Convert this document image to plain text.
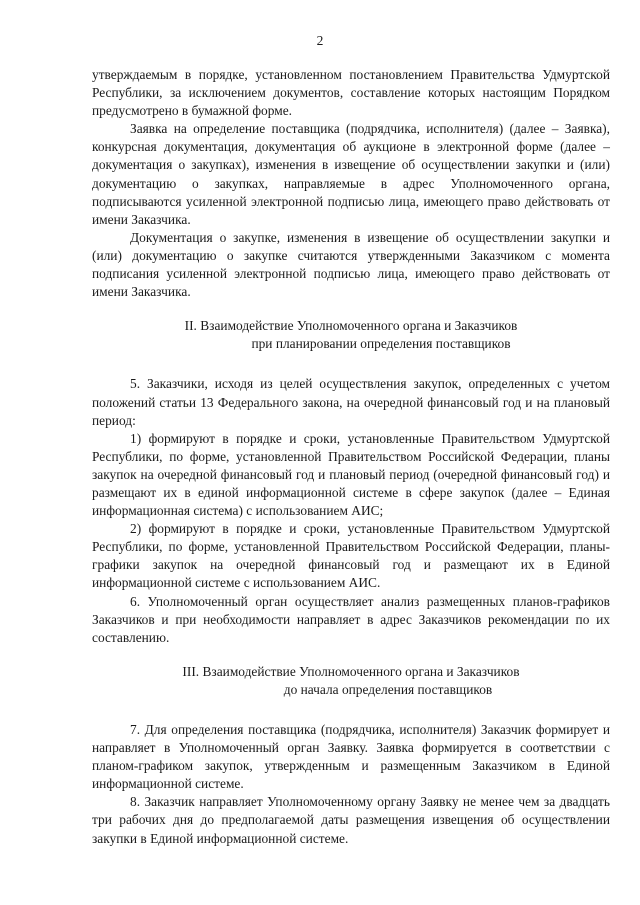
2

утверждаемым в порядке, установленном постановлением Правительства Удмуртской Республики, за исключением документов, составление которых настоящим Порядком предусмотрено в бумажной форме.

Заявка на определение поставщика (подрядчика, исполнителя) (далее – Заявка), конкурсная документация, документация об аукционе в электронной форме (далее – документация о закупках), изменения в извещение об осуществлении закупки и (или) документацию о закупках, направляемые в адрес Уполномоченного органа, подписываются усиленной электронной подписью лица, имеющего право действовать от имени Заказчика.

Документация о закупке, изменения в извещение об осуществлении закупки и (или) документацию о закупке считаются утвержденными Заказчиком с момента подписания усиленной электронной подписью лица, имеющего право действовать от имени Заказчика.

II. Взаимодействие Уполномоченного органа и Заказчиков
при планировании определения поставщиков

5. Заказчики, исходя из целей осуществления закупок, определенных с учетом положений статьи 13 Федерального закона, на очередной финансовый год и на плановый период:

1) формируют в порядке и сроки, установленные Правительством Удмуртской Республики, по форме, установленной Правительством Российской Федерации, планы закупок на очередной финансовый год и плановый период (очередной финансовый год) и размещают их в единой информационной системе в сфере закупок (далее – Единая информационная система) с использованием АИС;

2) формируют в порядке и сроки, установленные Правительством Удмуртской Республики, по форме, установленной Правительством Российской Федерации, планы-графики закупок на очередной финансовый год и размещают их в Единой информационной системе с использованием АИС.

6. Уполномоченный орган осуществляет анализ размещенных планов-графиков Заказчиков и при необходимости направляет в адрес Заказчиков рекомендации по их составлению.

III. Взаимодействие Уполномоченного органа и Заказчиков
до начала определения поставщиков

7. Для определения поставщика (подрядчика, исполнителя) Заказчик формирует и направляет в Уполномоченный орган Заявку. Заявка формируется в соответствии с планом-графиком закупок, утвержденным и размещенным Заказчиком в Единой информационной системе.

8. Заказчик направляет Уполномоченному органу Заявку не менее чем за двадцать три рабочих дня до предполагаемой даты размещения извещения об осуществлении закупки в Единой информационной системе.
